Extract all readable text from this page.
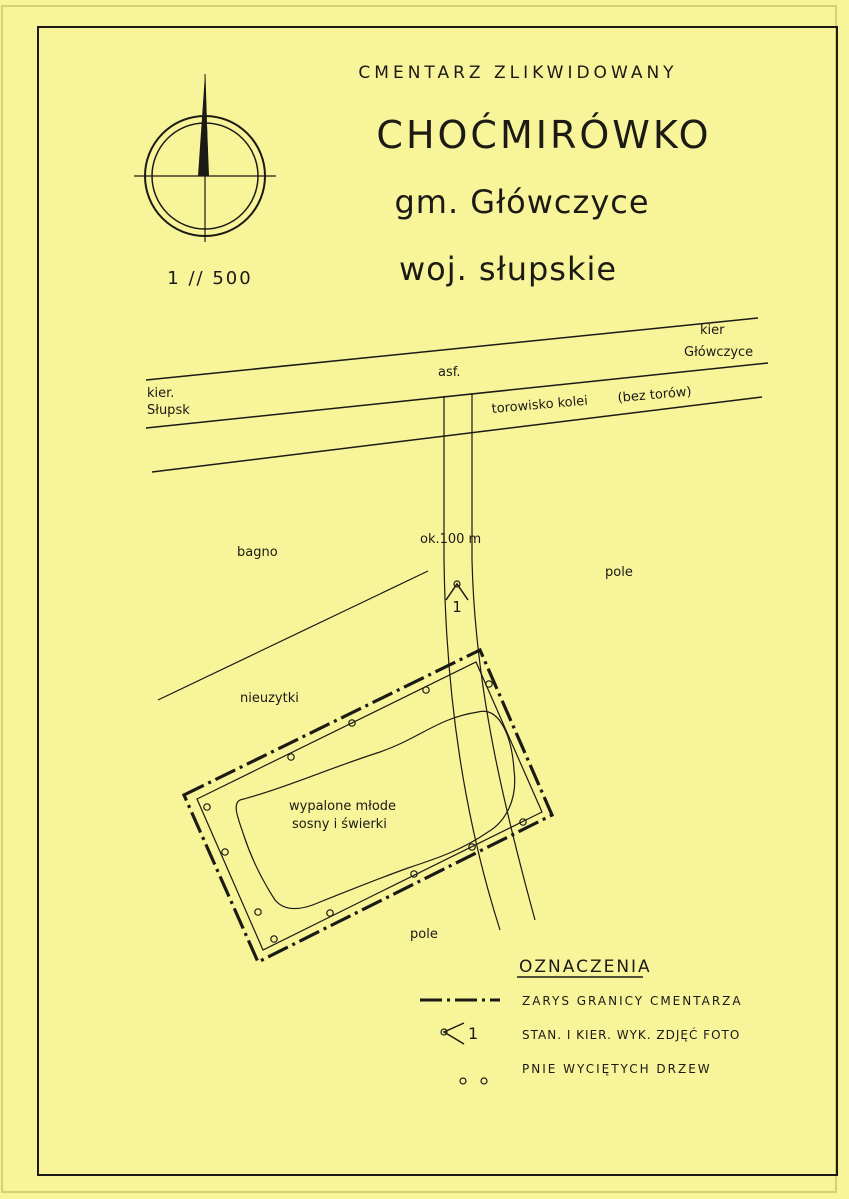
CMENTARZ ZLIKWIDOWANY
CHOĆMIRÓWKO
gm. Główczyce
woj. słupskie
1 // 500
1
kier
Główczyce
kier.
Słupsk
asf.
torowisko kolei (bez torów)
ok.100 m
bagno
pole
nieuzytki
wypalone młode
sosny i świerki
pole
OZNACZENIA
ZARYS GRANICY CMENTARZA
1	STAN. I KIER. WYK. ZDJĘĆ FOTO
PNIE WYCIĘTYCH DRZEW
